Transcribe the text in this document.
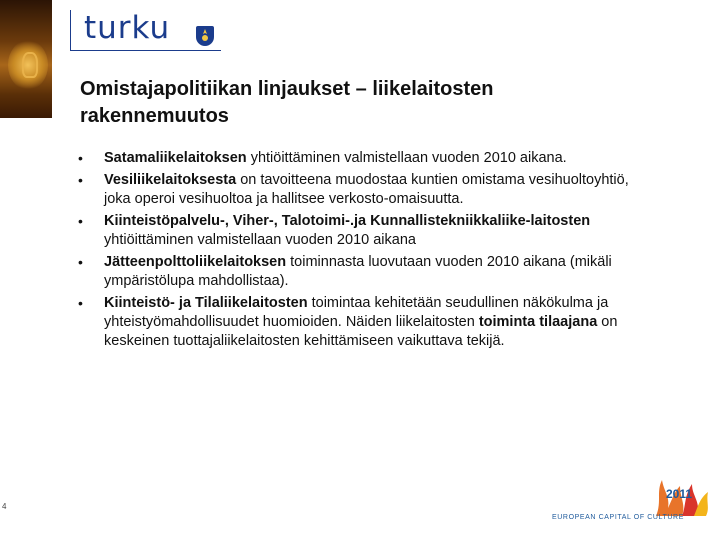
turku
Omistajapolitiikan linjaukset – liikelaitosten
rakennemuutos
• Satamaliikelaitoksen yhtiöittäminen valmistellaan vuoden 2010 aikana.
• Vesiliikelaitoksesta on tavoitteena muodostaa kuntien omistama vesihuoltoyhtiö, joka operoi vesihuoltoa ja hallitsee verkosto-omaisuutta.
• Kiinteistöpalvelu-, Viher-, Talotoimi-.ja Kunnallistekniikkaliike-laitosten yhtiöittäminen valmistellaan vuoden 2010 aikana
• Jätteenpolttoliikelaitoksen toiminnasta luovutaan vuoden 2010 aikana (mikäli ympäristölupa mahdollistaa).
• Kiinteistö- ja Tilaliikelaitosten toimintaa kehitetään seudullinen näkökulma ja yhteistyömahdollisuudet huomioiden. Näiden liikelaitosten toiminta tilaajana on keskeinen tuottajaliikelaitosten kehittämiseen vaikuttava tekijä.
4
2011
EUROPEAN CAPITAL OF CULTURE
